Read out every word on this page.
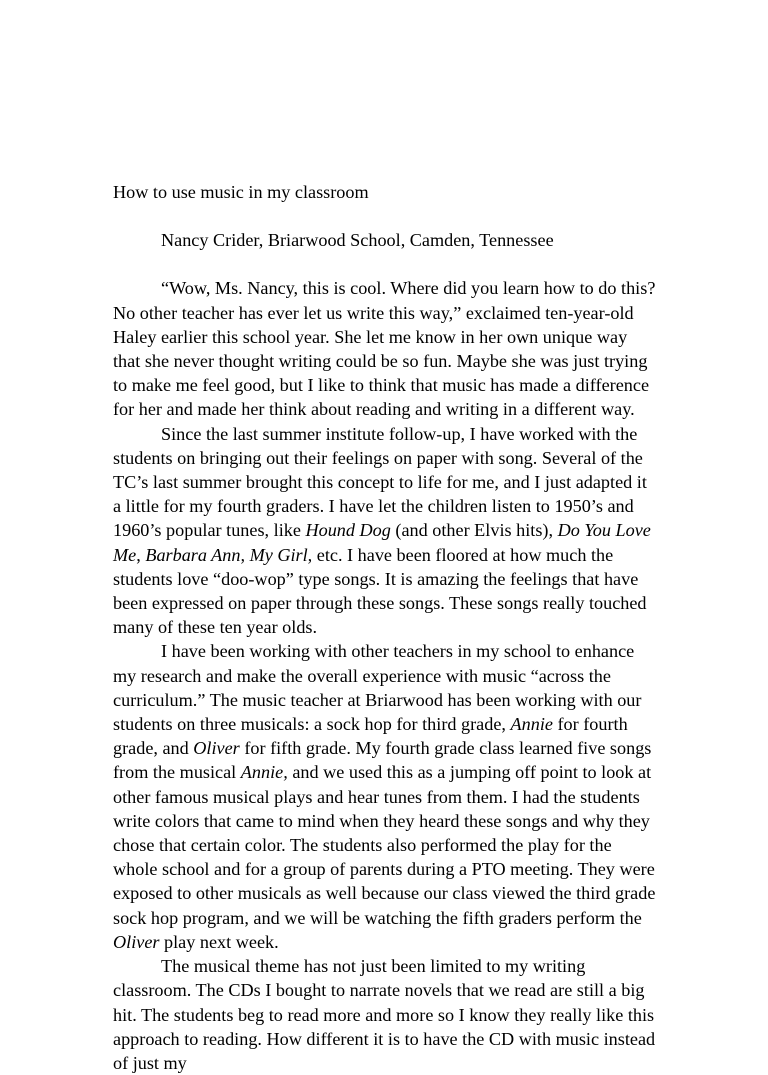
How to use music in my classroom

Nancy Crider, Briarwood School, Camden, Tennessee

“Wow, Ms. Nancy, this is cool. Where did you learn how to do this? No other teacher has ever let us write this way,” exclaimed ten-year-old Haley earlier this school year. She let me know in her own unique way that she never thought writing could be so fun. Maybe she was just trying to make me feel good, but I like to think that music has made a difference for her and made her think about reading and writing in a different way.

Since the last summer institute follow-up, I have worked with the students on bringing out their feelings on paper with song. Several of the TC’s last summer brought this concept to life for me, and I just adapted it a little for my fourth graders. I have let the children listen to 1950’s and 1960’s popular tunes, like Hound Dog (and other Elvis hits), Do You Love Me, Barbara Ann, My Girl, etc. I have been floored at how much the students love “doo-wop” type songs. It is amazing the feelings that have been expressed on paper through these songs. These songs really touched many of these ten year olds.

I have been working with other teachers in my school to enhance my research and make the overall experience with music “across the curriculum.” The music teacher at Briarwood has been working with our students on three musicals: a sock hop for third grade, Annie for fourth grade, and Oliver for fifth grade. My fourth grade class learned five songs from the musical Annie, and we used this as a jumping off point to look at other famous musical plays and hear tunes from them. I had the students write colors that came to mind when they heard these songs and why they chose that certain color. The students also performed the play for the whole school and for a group of parents during a PTO meeting. They were exposed to other musicals as well because our class viewed the third grade sock hop program, and we will be watching the fifth graders perform the Oliver play next week.

The musical theme has not just been limited to my writing classroom. The CDs I bought to narrate novels that we read are still a big hit. The students beg to read more and more so I know they really like this approach to reading. How different it is to have the CD with music instead of just my
